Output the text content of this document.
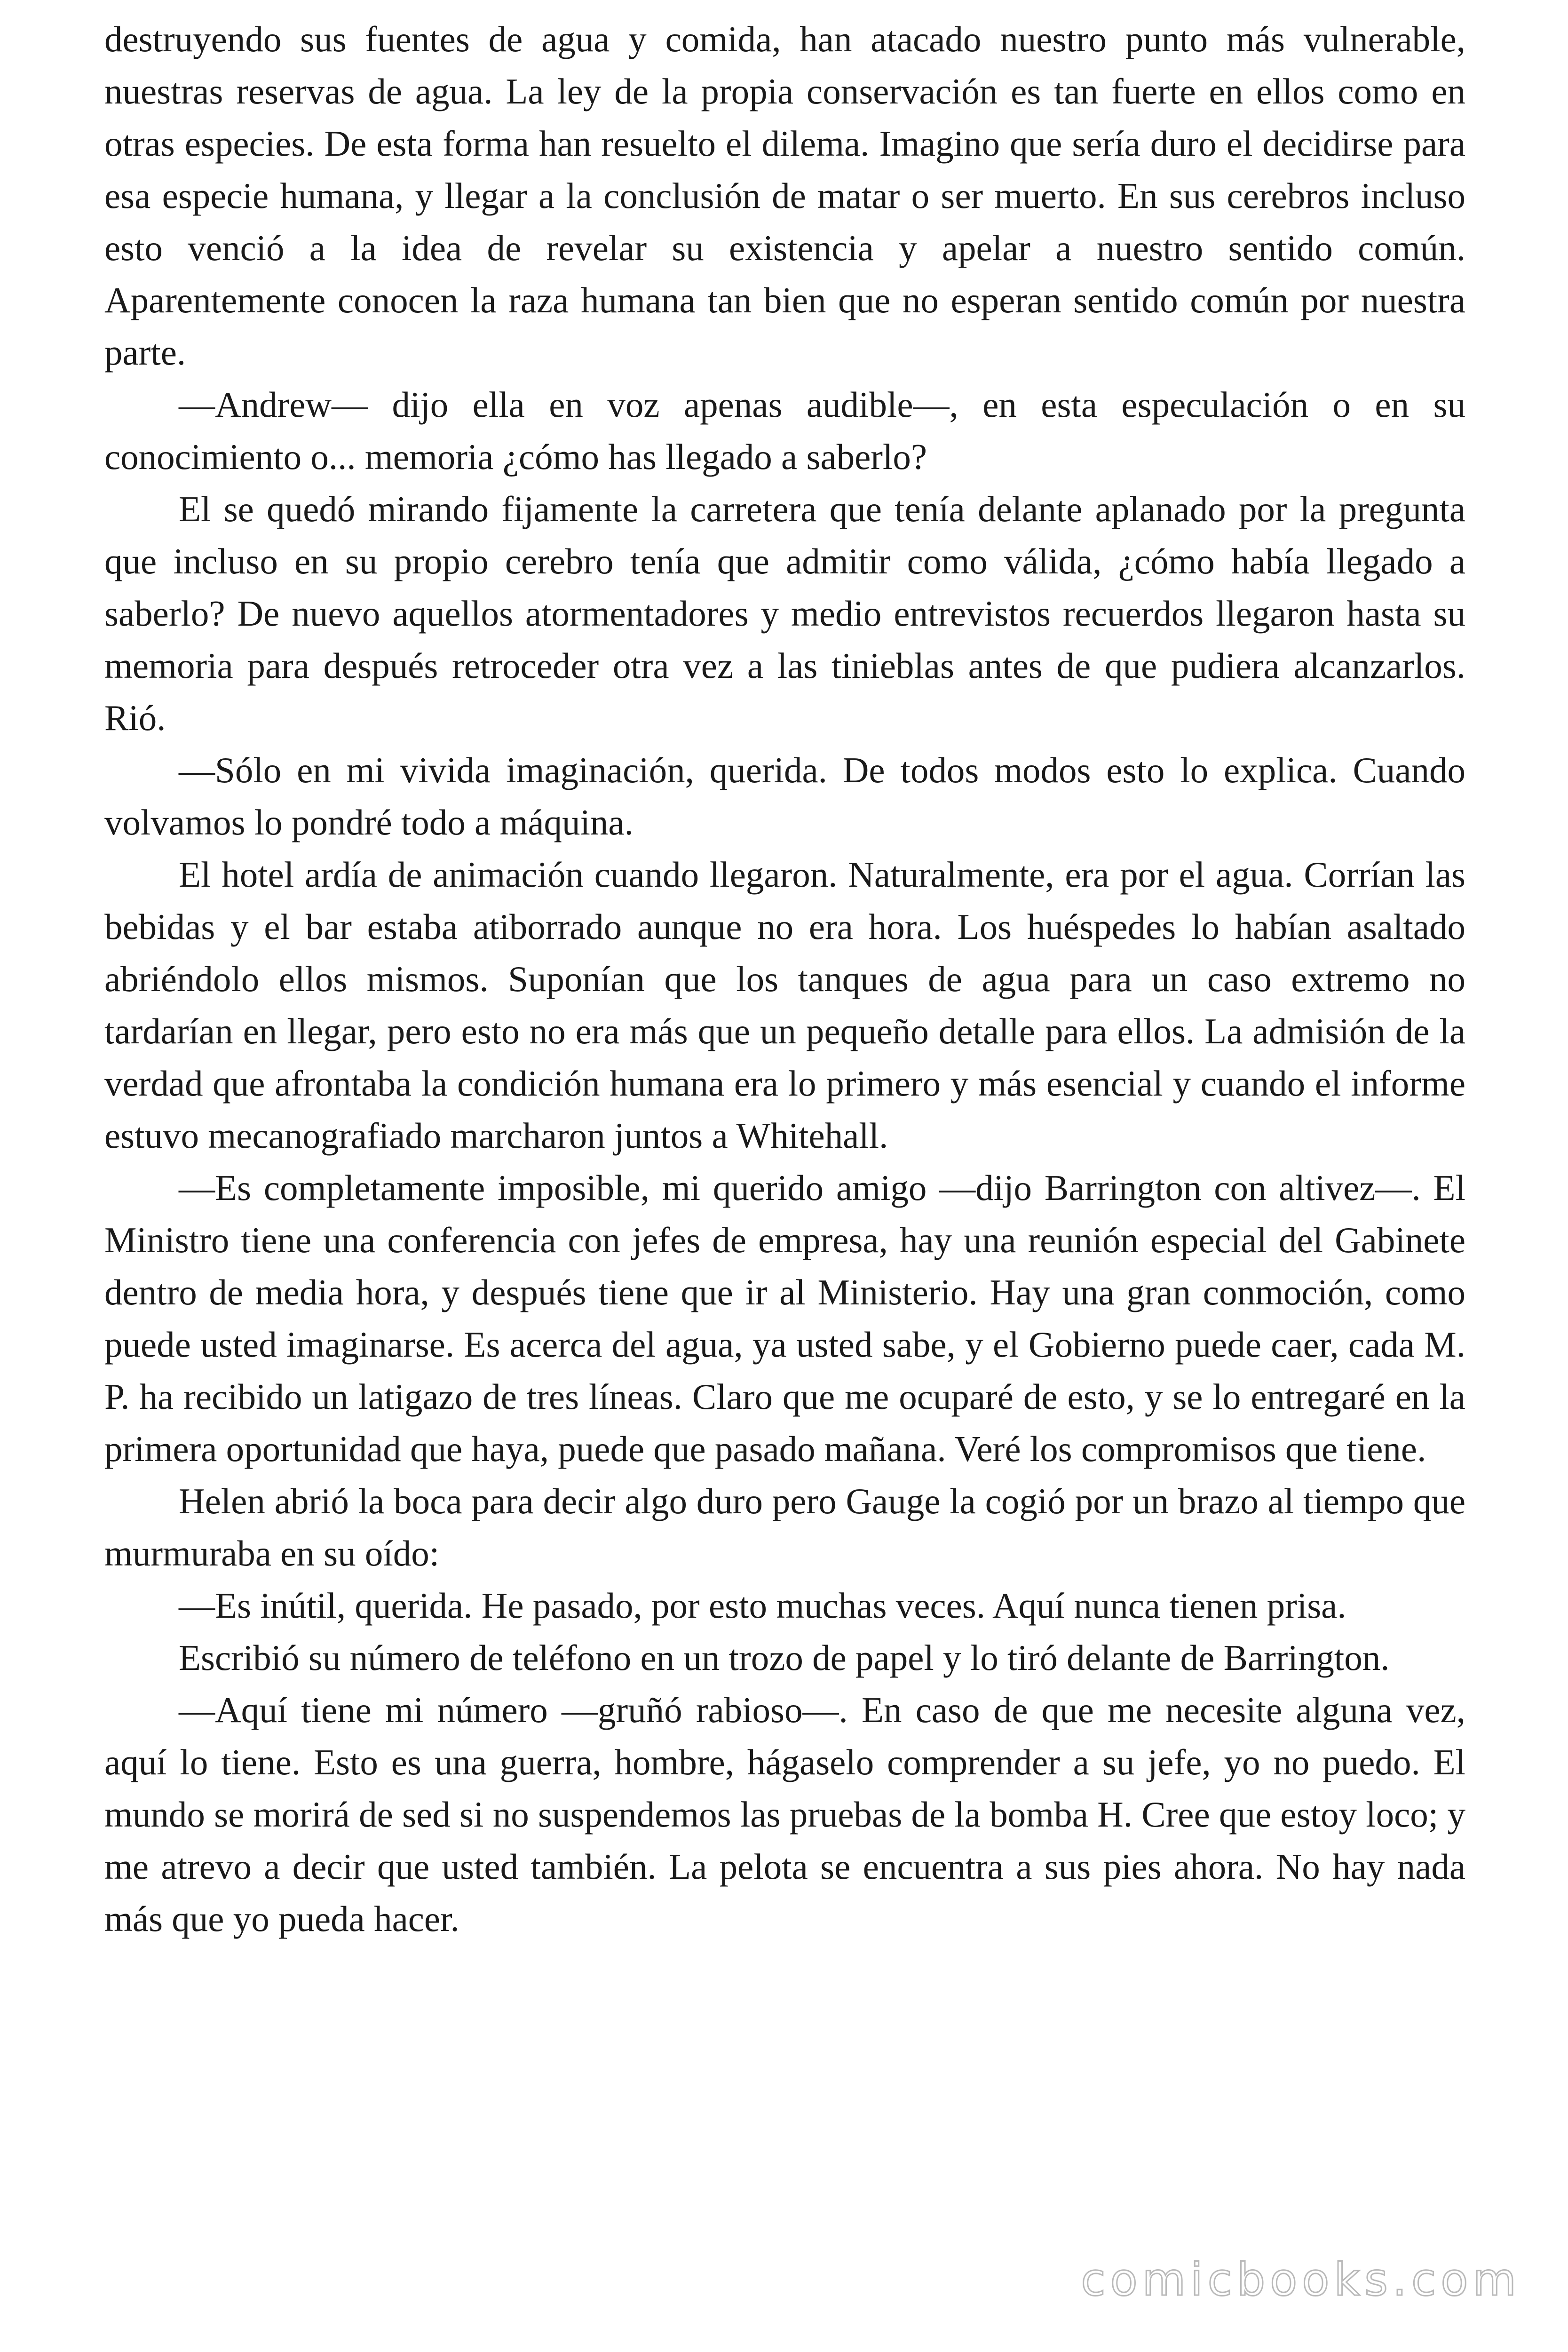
destruyendo sus fuentes de agua y comida, han atacado nuestro punto más vulnerable, nuestras reservas de agua. La ley de la propia conservación es tan fuerte en ellos como en otras especies. De esta forma han resuelto el dilema. Imagino que sería duro el decidirse para esa especie humana, y llegar a la conclusión de matar o ser muerto. En sus cerebros incluso esto venció a la idea de revelar su existencia y apelar a nuestro sentido común. Aparentemente conocen la raza humana tan bien que no esperan sentido común por nuestra parte.

—Andrew— dijo ella en voz apenas audible—, en esta especulación o en su conocimiento o... memoria ¿cómo has llegado a saberlo?

El se quedó mirando fijamente la carretera que tenía delante aplanado por la pregunta que incluso en su propio cerebro tenía que admitir como válida, ¿cómo había llegado a saberlo? De nuevo aquellos atormentadores y medio entrevistos recuerdos llegaron hasta su memoria para después retroceder otra vez a las tinieblas antes de que pudiera alcanzarlos. Rió.

—Sólo en mi vivida imaginación, querida. De todos modos esto lo explica. Cuando volvamos lo pondré todo a máquina.

El hotel ardía de animación cuando llegaron. Naturalmente, era por el agua. Corrían las bebidas y el bar estaba atiborrado aunque no era hora. Los huéspedes lo habían asaltado abriéndolo ellos mismos. Suponían que los tanques de agua para un caso extremo no tardarían en llegar, pero esto no era más que un pequeño detalle para ellos. La admisión de la verdad que afrontaba la condición humana era lo primero y más esencial y cuando el informe estuvo mecanografiado marcharon juntos a Whitehall.

—Es completamente imposible, mi querido amigo —dijo Barrington con altivez—. El Ministro tiene una conferencia con jefes de empresa, hay una reunión especial del Gabinete dentro de media hora, y después tiene que ir al Ministerio. Hay una gran conmoción, como puede usted imaginarse. Es acerca del agua, ya usted sabe, y el Gobierno puede caer, cada M. P. ha recibido un latigazo de tres líneas. Claro que me ocuparé de esto, y se lo entregaré en la primera oportunidad que haya, puede que pasado mañana. Veré los compromisos que tiene.

Helen abrió la boca para decir algo duro pero Gauge la cogió por un brazo al tiempo que murmuraba en su oído:

—Es inútil, querida. He pasado, por esto muchas veces. Aquí nunca tienen prisa.

Escribió su número de teléfono en un trozo de papel y lo tiró delante de Barrington.

—Aquí tiene mi número —gruñó rabioso—. En caso de que me necesite alguna vez, aquí lo tiene. Esto es una guerra, hombre, hágaselo comprender a su jefe, yo no puedo. El mundo se morirá de sed si no suspendemos las pruebas de la bomba H. Cree que estoy loco; y me atrevo a decir que usted también. La pelota se encuentra a sus pies ahora. No hay nada más que yo pueda hacer.

comicbooks.com
